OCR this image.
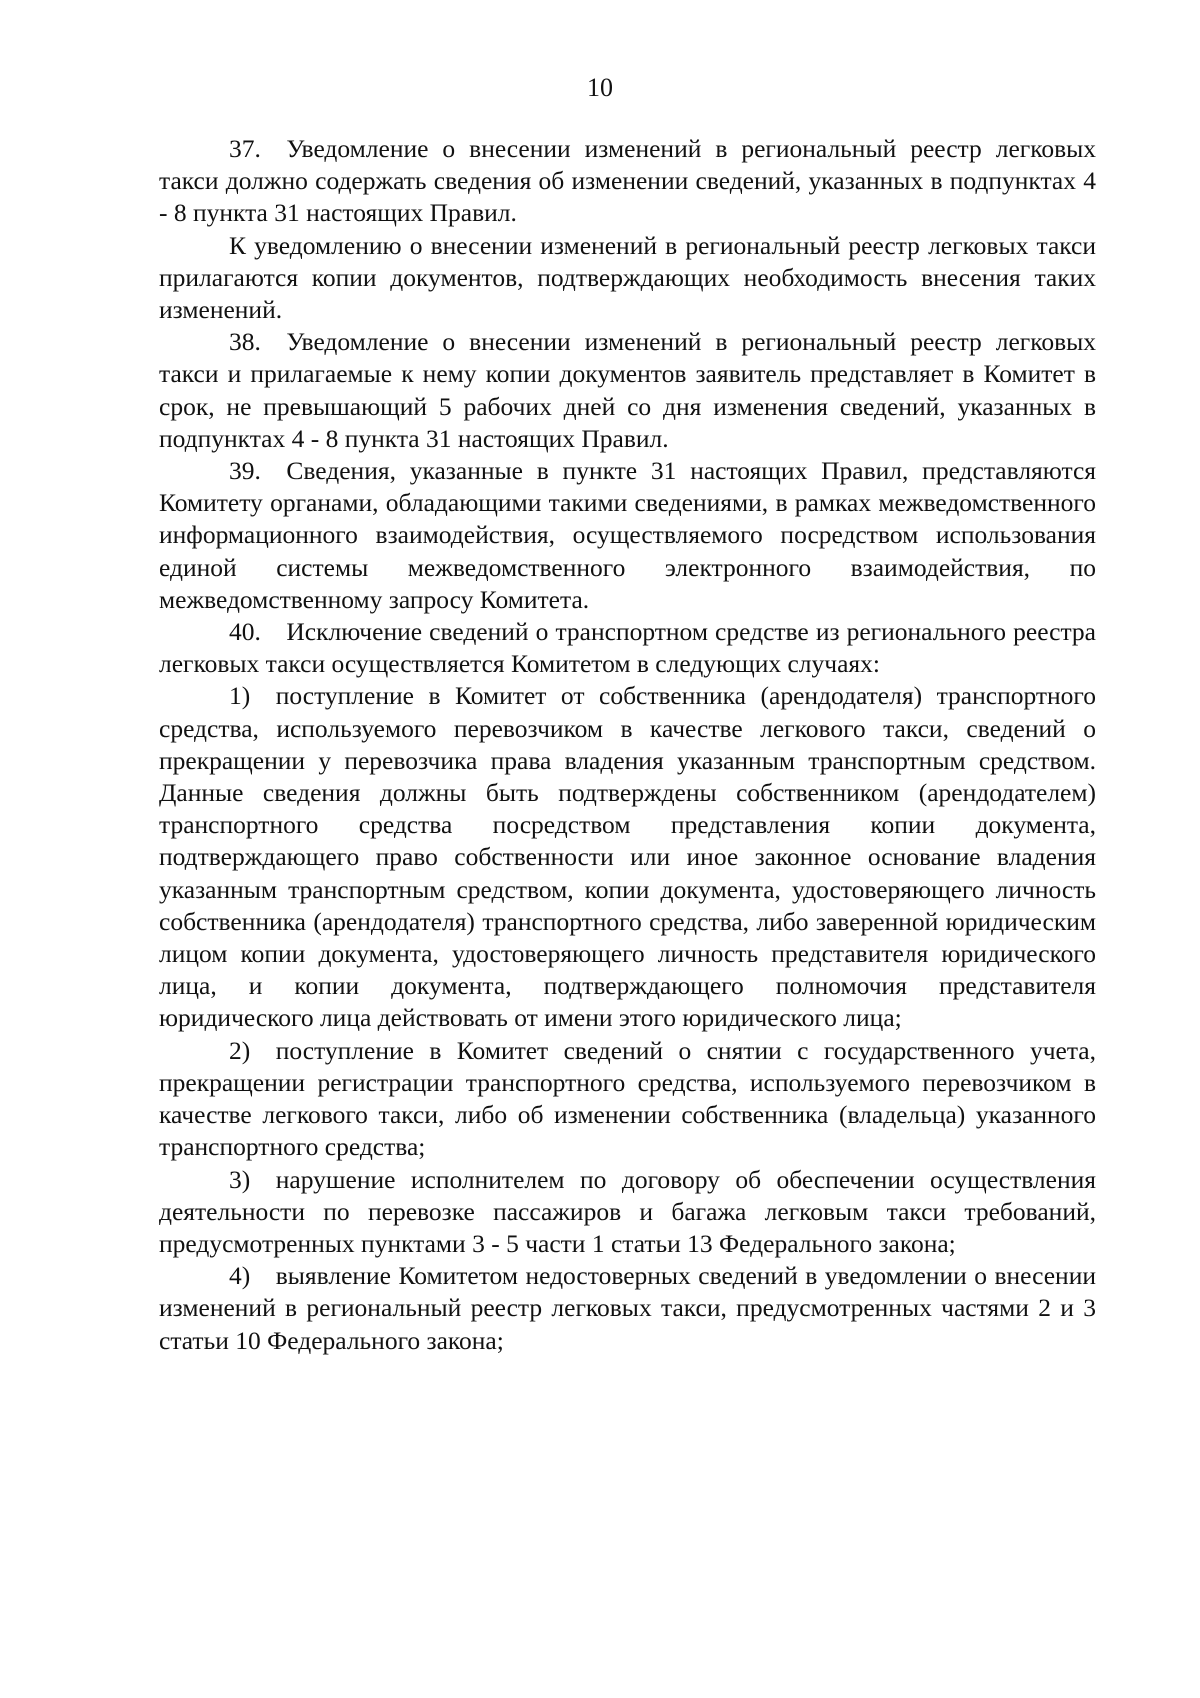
10

37. Уведомление о внесении изменений в региональный реестр легковых такси должно содержать сведения об изменении сведений, указанных в подпунктах 4 - 8 пункта 31 настоящих Правил.

К уведомлению о внесении изменений в региональный реестр легковых такси прилагаются копии документов, подтверждающих необходимость внесения таких изменений.

38. Уведомление о внесении изменений в региональный реестр легковых такси и прилагаемые к нему копии документов заявитель представляет в Комитет в срок, не превышающий 5 рабочих дней со дня изменения сведений, указанных в подпунктах 4 - 8 пункта 31 настоящих Правил.

39. Сведения, указанные в пункте 31 настоящих Правил, представляются Комитету органами, обладающими такими сведениями, в рамках межведомственного информационного взаимодействия, осуществляемого посредством использования единой системы межведомственного электронного взаимодействия, по межведомственному запросу Комитета.

40. Исключение сведений о транспортном средстве из регионального реестра легковых такси осуществляется Комитетом в следующих случаях:

1) поступление в Комитет от собственника (арендодателя) транспортного средства, используемого перевозчиком в качестве легкового такси, сведений о прекращении у перевозчика права владения указанным транспортным средством. Данные сведения должны быть подтверждены собственником (арендодателем) транспортного средства посредством представления копии документа, подтверждающего право собственности или иное законное основание владения указанным транспортным средством, копии документа, удостоверяющего личность собственника (арендодателя) транспортного средства, либо заверенной юридическим лицом копии документа, удостоверяющего личность представителя юридического лица, и копии документа, подтверждающего полномочия представителя юридического лица действовать от имени этого юридического лица;

2) поступление в Комитет сведений о снятии с государственного учета, прекращении регистрации транспортного средства, используемого перевозчиком в качестве легкового такси, либо об изменении собственника (владельца) указанного транспортного средства;

3) нарушение исполнителем по договору об обеспечении осуществления деятельности по перевозке пассажиров и багажа легковым такси требований, предусмотренных пунктами 3 - 5 части 1 статьи 13 Федерального закона;

4) выявление Комитетом недостоверных сведений в уведомлении о внесении изменений в региональный реестр легковых такси, предусмотренных частями 2 и 3 статьи 10 Федерального закона;
